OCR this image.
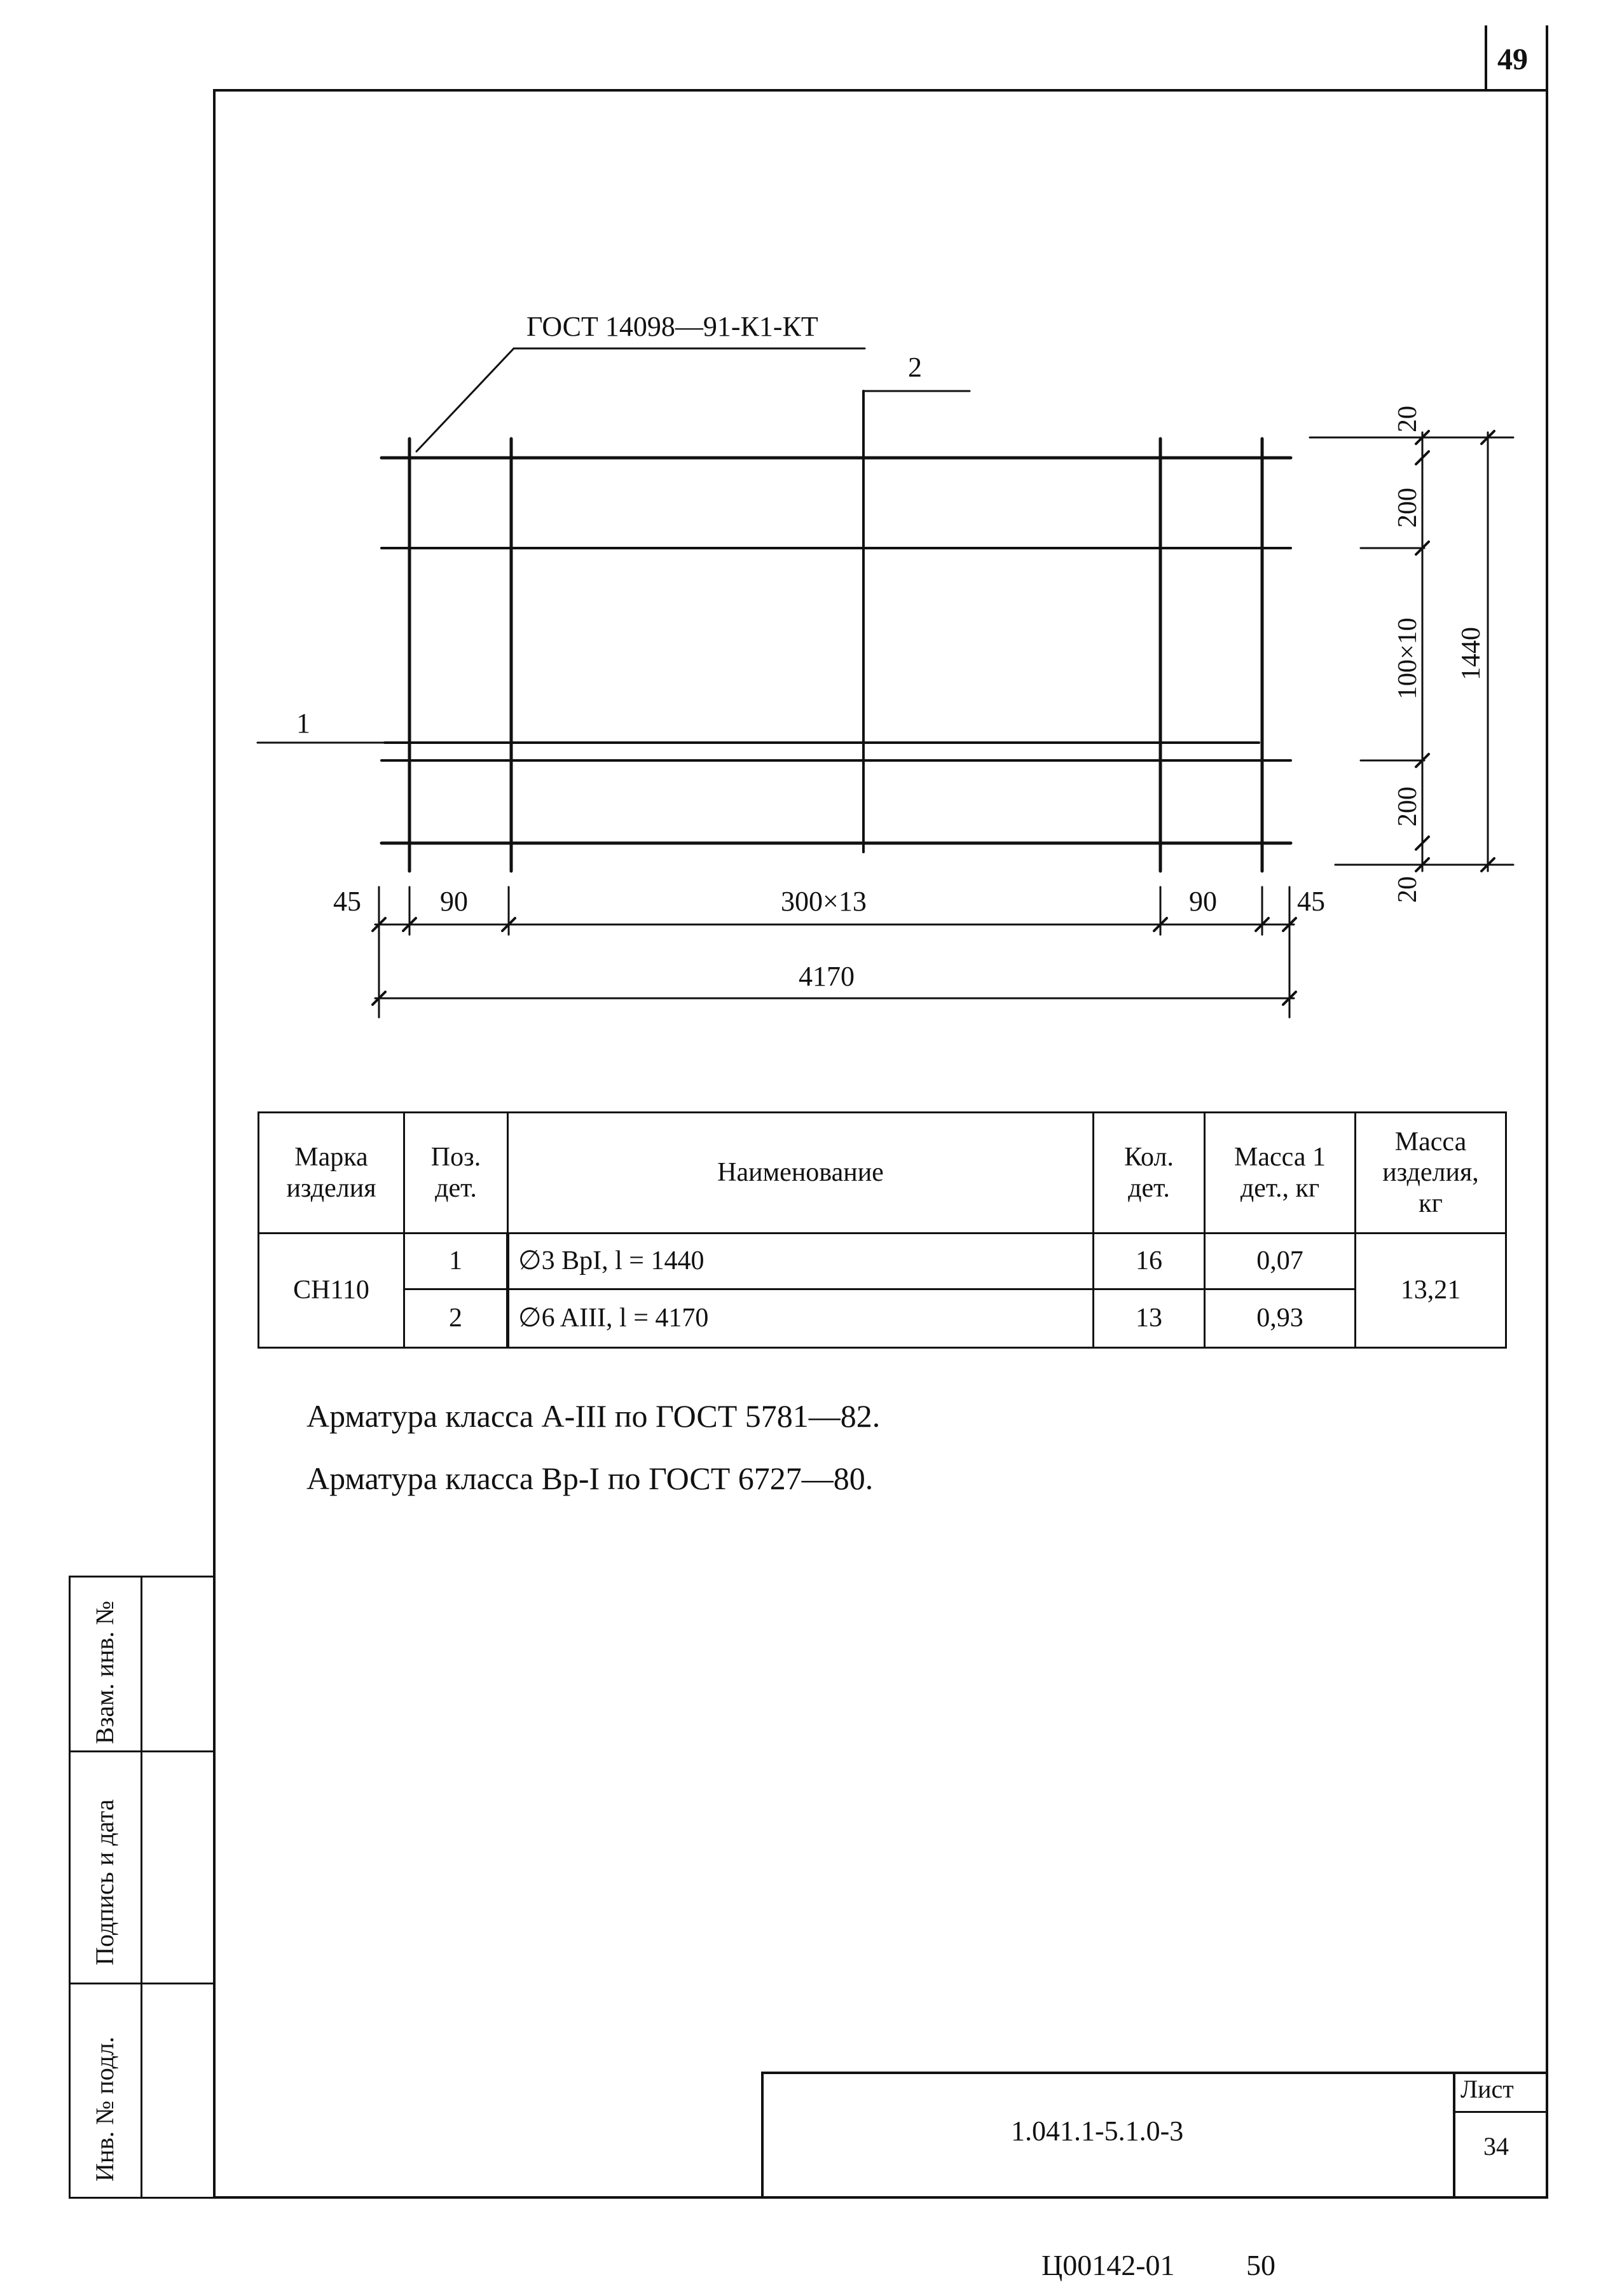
49
ГОСТ 14098—91-К1-КТ
2
1
45	90	300×13	90	45
4170
20
200
100×10
200
20
1440
Марка изделия	Поз. дет.	Наименование	Кол. дет.	Масса 1 дет., кг	Масса изделия, кг

СН110	1	∅3 BpI, l = 1440	16	0,07	13,21
	2	∅6 AIII, l = 4170	13	0,93	
Арматура класса А-III по ГОСТ 5781—82.
Арматура класса Вр-I по ГОСТ 6727—80.
Взам. инв. №
Подпись и дата
Инв. № подл.	1.041.1-5.1.0-3
Лист
34
Ц00142-01 50
